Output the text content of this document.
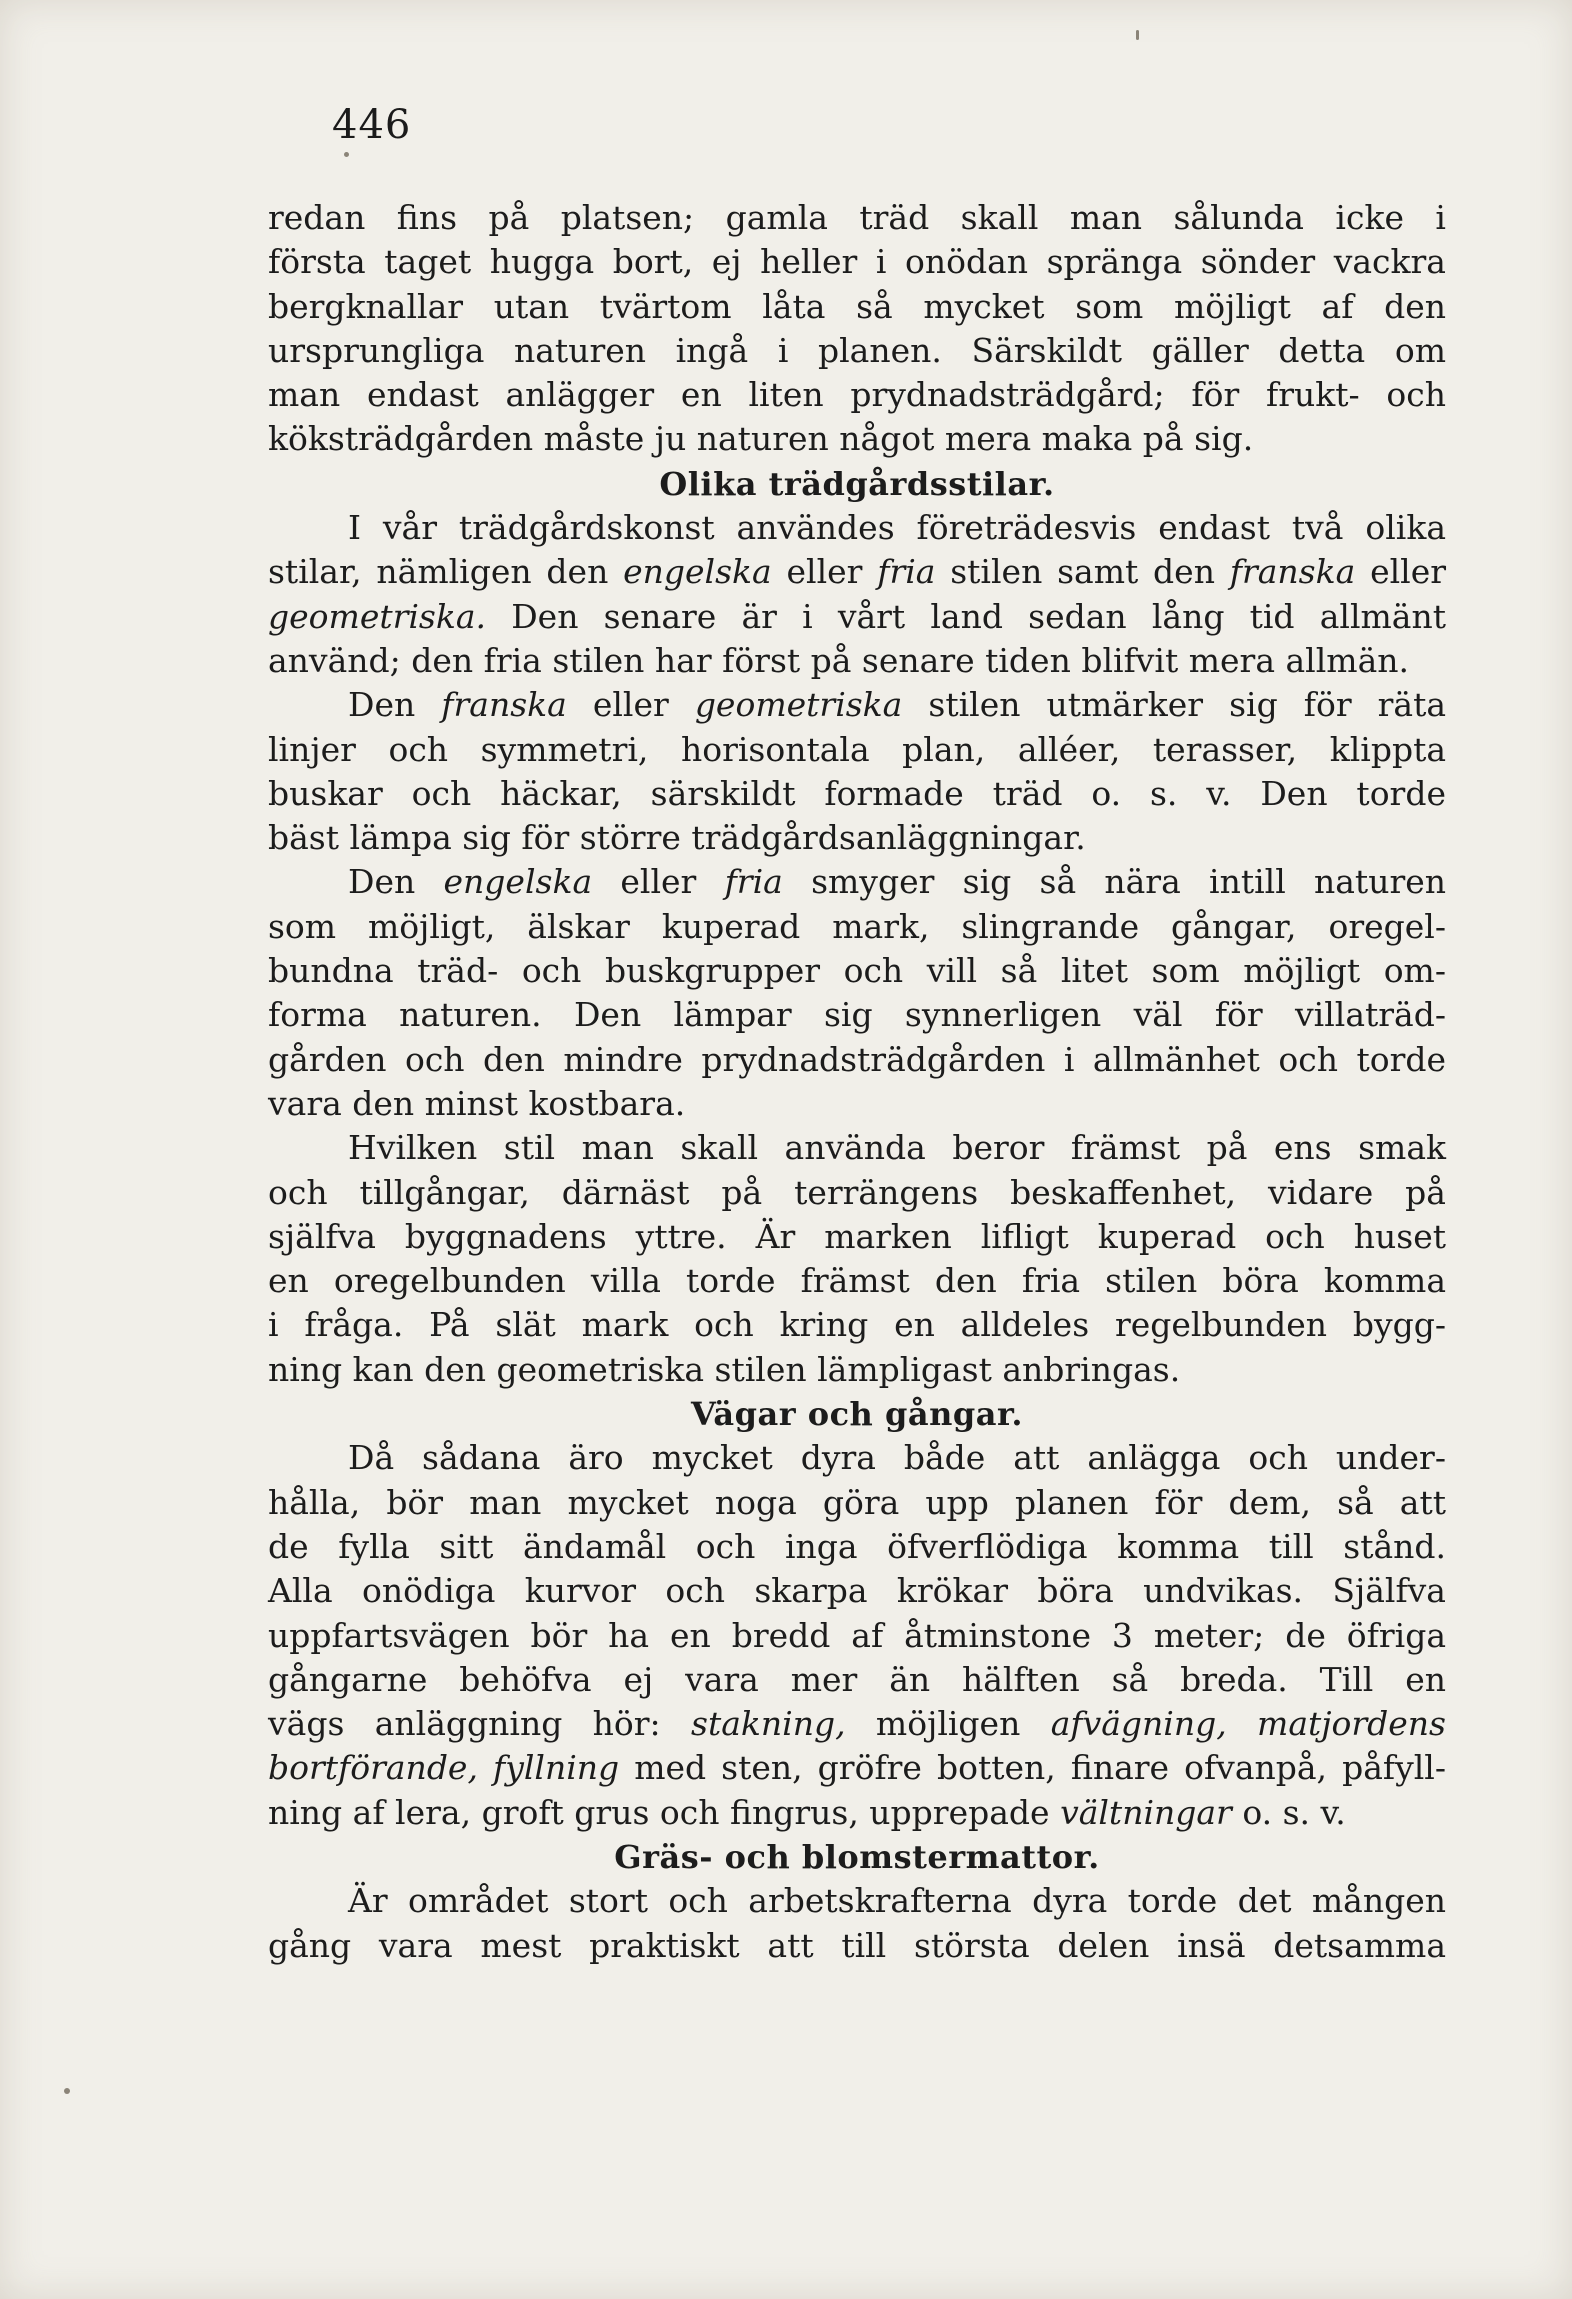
446

redan fins på platsen; gamla träd skall man sålunda icke i
första taget hugga bort, ej heller i onödan spränga sönder vackra
bergknallar utan tvärtom låta så mycket som möjligt af den
ursprungliga naturen ingå i planen. Särskildt gäller detta om
man endast anlägger en liten prydnadsträdgård; för frukt- och
köksträdgården måste ju naturen något mera maka på sig.

Olika trädgårdsstilar.

I vår trädgårdskonst användes företrädesvis endast två olika
stilar, nämligen den engelska eller fria stilen samt den franska eller
geometriska. Den senare är i vårt land sedan lång tid allmänt
använd; den fria stilen har först på senare tiden blifvit mera allmän.

Den franska eller geometriska stilen utmärker sig för räta
linjer och symmetri, horisontala plan, alléer, terasser, klippta
buskar och häckar, särskildt formade träd o. s. v. Den torde
bäst lämpa sig för större trädgårdsanläggningar.

Den engelska eller fria smyger sig så nära intill naturen
som möjligt, älskar kuperad mark, slingrande gångar, oregel-
bundna träd- och buskgrupper och vill så litet som möjligt om-
forma naturen. Den lämpar sig synnerligen väl för villaträd-
gården och den mindre prydnadsträdgården i allmänhet och torde
vara den minst kostbara.

Hvilken stil man skall använda beror främst på ens smak
och tillgångar, därnäst på terrängens beskaffenhet, vidare på
själfva byggnadens yttre. Är marken lifligt kuperad och huset
en oregelbunden villa torde främst den fria stilen böra komma
i fråga. På slät mark och kring en alldeles regelbunden bygg-
ning kan den geometriska stilen lämpligast anbringas.

Vägar och gångar.

Då sådana äro mycket dyra både att anlägga och under-
hålla, bör man mycket noga göra upp planen för dem, så att
de fylla sitt ändamål och inga öfverflödiga komma till stånd.
Alla onödiga kurvor och skarpa krökar böra undvikas. Själfva
uppfartsvägen bör ha en bredd af åtminstone 3 meter; de öfriga
gångarne behöfva ej vara mer än hälften så breda. Till en
vägs anläggning hör: stakning, möjligen afvägning, matjordens
bortförande, fyllning med sten, gröfre botten, finare ofvanpå, påfyll-
ning af lera, groft grus och fingrus, upprepade vältningar o. s. v.

Gräs- och blomstermattor.

Är området stort och arbetskrafterna dyra torde det mången
gång vara mest praktiskt att till största delen insä detsamma
